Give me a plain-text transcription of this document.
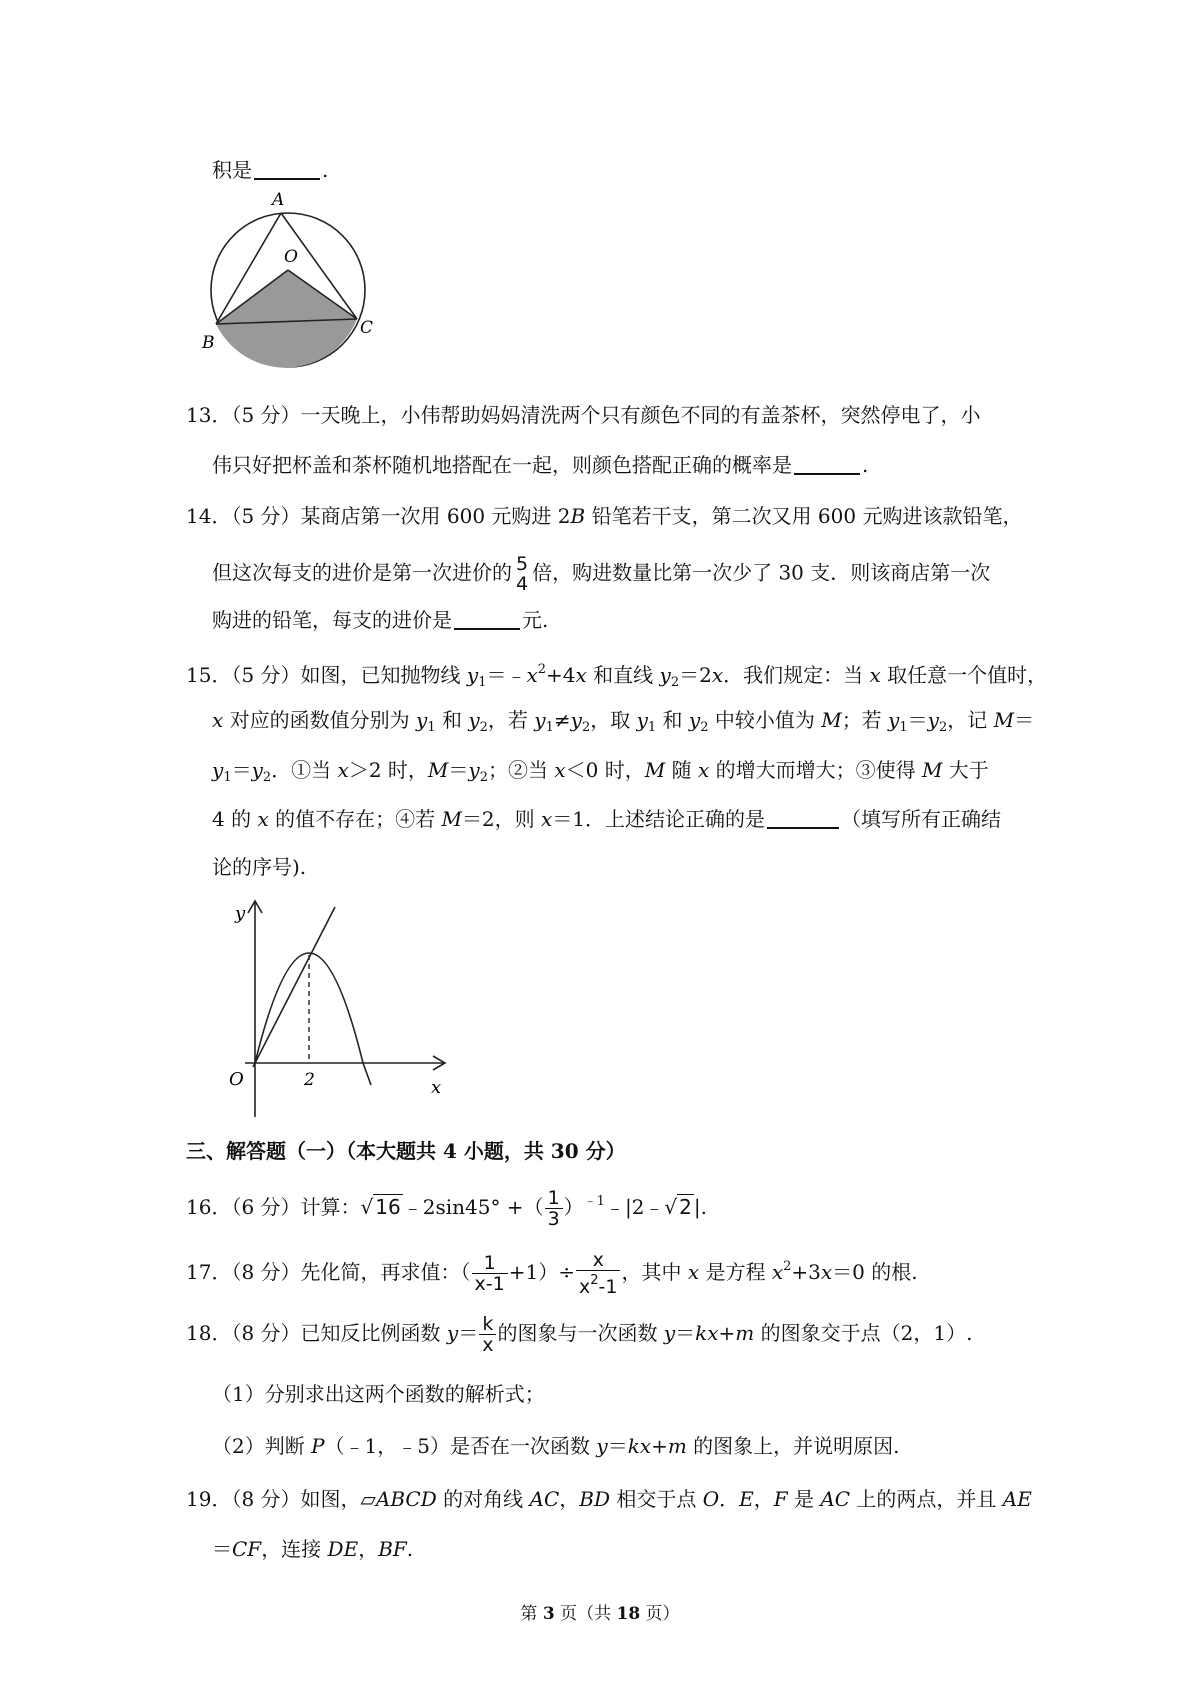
积是	.
A
O
B
C
13．（5 分）一天晚上，小伟帮助妈妈清洗两个只有颜色不同的有盖茶杯，突然停电了，小
伟只好把杯盖和茶杯随机地搭配在一起，则颜色搭配正确的概率是	.
14．（5 分）某商店第一次用 600 元购进 2B 铅笔若干支，第二次又用 600 元购进该款铅笔，
但这次每支的进价是第一次进价的 5
4 倍，购进数量比第一次少了 30 支．则该商店第一次
购进的铅笔，每支的进价是	元.
15．（5 分）如图，已知抛物线 $y_1=﹣x^2+4x$ 和直线 $y_2=2x$．我们规定：当 x 取任意一个值时，
x 对应的函数值分别为 $y_1$ 和 $y_2$，若 $y_1\ne y_2$，取 $y_1$ 和 $y_2$ 中较小值为 M；若 $y_1=y_2$，记 M＝
$y_1=y_2$．①当 x＞2 时，$M=y_2$；②当 x＜0 时，M 随 x 的增大而增大；③使得 M 大于
4 的 x 的值不存在；④若 M＝2，则 x＝1．上述结论正确的是	（填写所有正确结
论的序号).
y
x
O	2
三、解答题（一）（本大题共 4 小题，共 30 分）
16．（6 分）计算：√ 16 ﹣2sin45° +（ $\frac{1}{3}$ ）$^{﹣1}$﹣|2﹣√ 2 |.
17．（8 分）先化简，再求值：（ $\frac{1}{x-1} +1)\div \frac{x}{x^2-1}$ ，其中 x 是方程 $x^2+3x=0$ 的根.
18．（8 分）已知反比例函数 $y= \frac{k}{x}$ 的图象与一次函数 y＝kx+m 的图象交于点（2，1）.
（1）分别求出这两个函数的解析式；
（2）判断 P（﹣1，﹣5）是否在一次函数 y＝kx+m 的图象上，并说明原因.
19．（8 分）如图，▱ABCD 的对角线 AC，BD 相交于点 O．E，F 是 AC 上的两点，并且 AE
＝CF，连接 DE，BF.
第 3 页（共 18 页）
